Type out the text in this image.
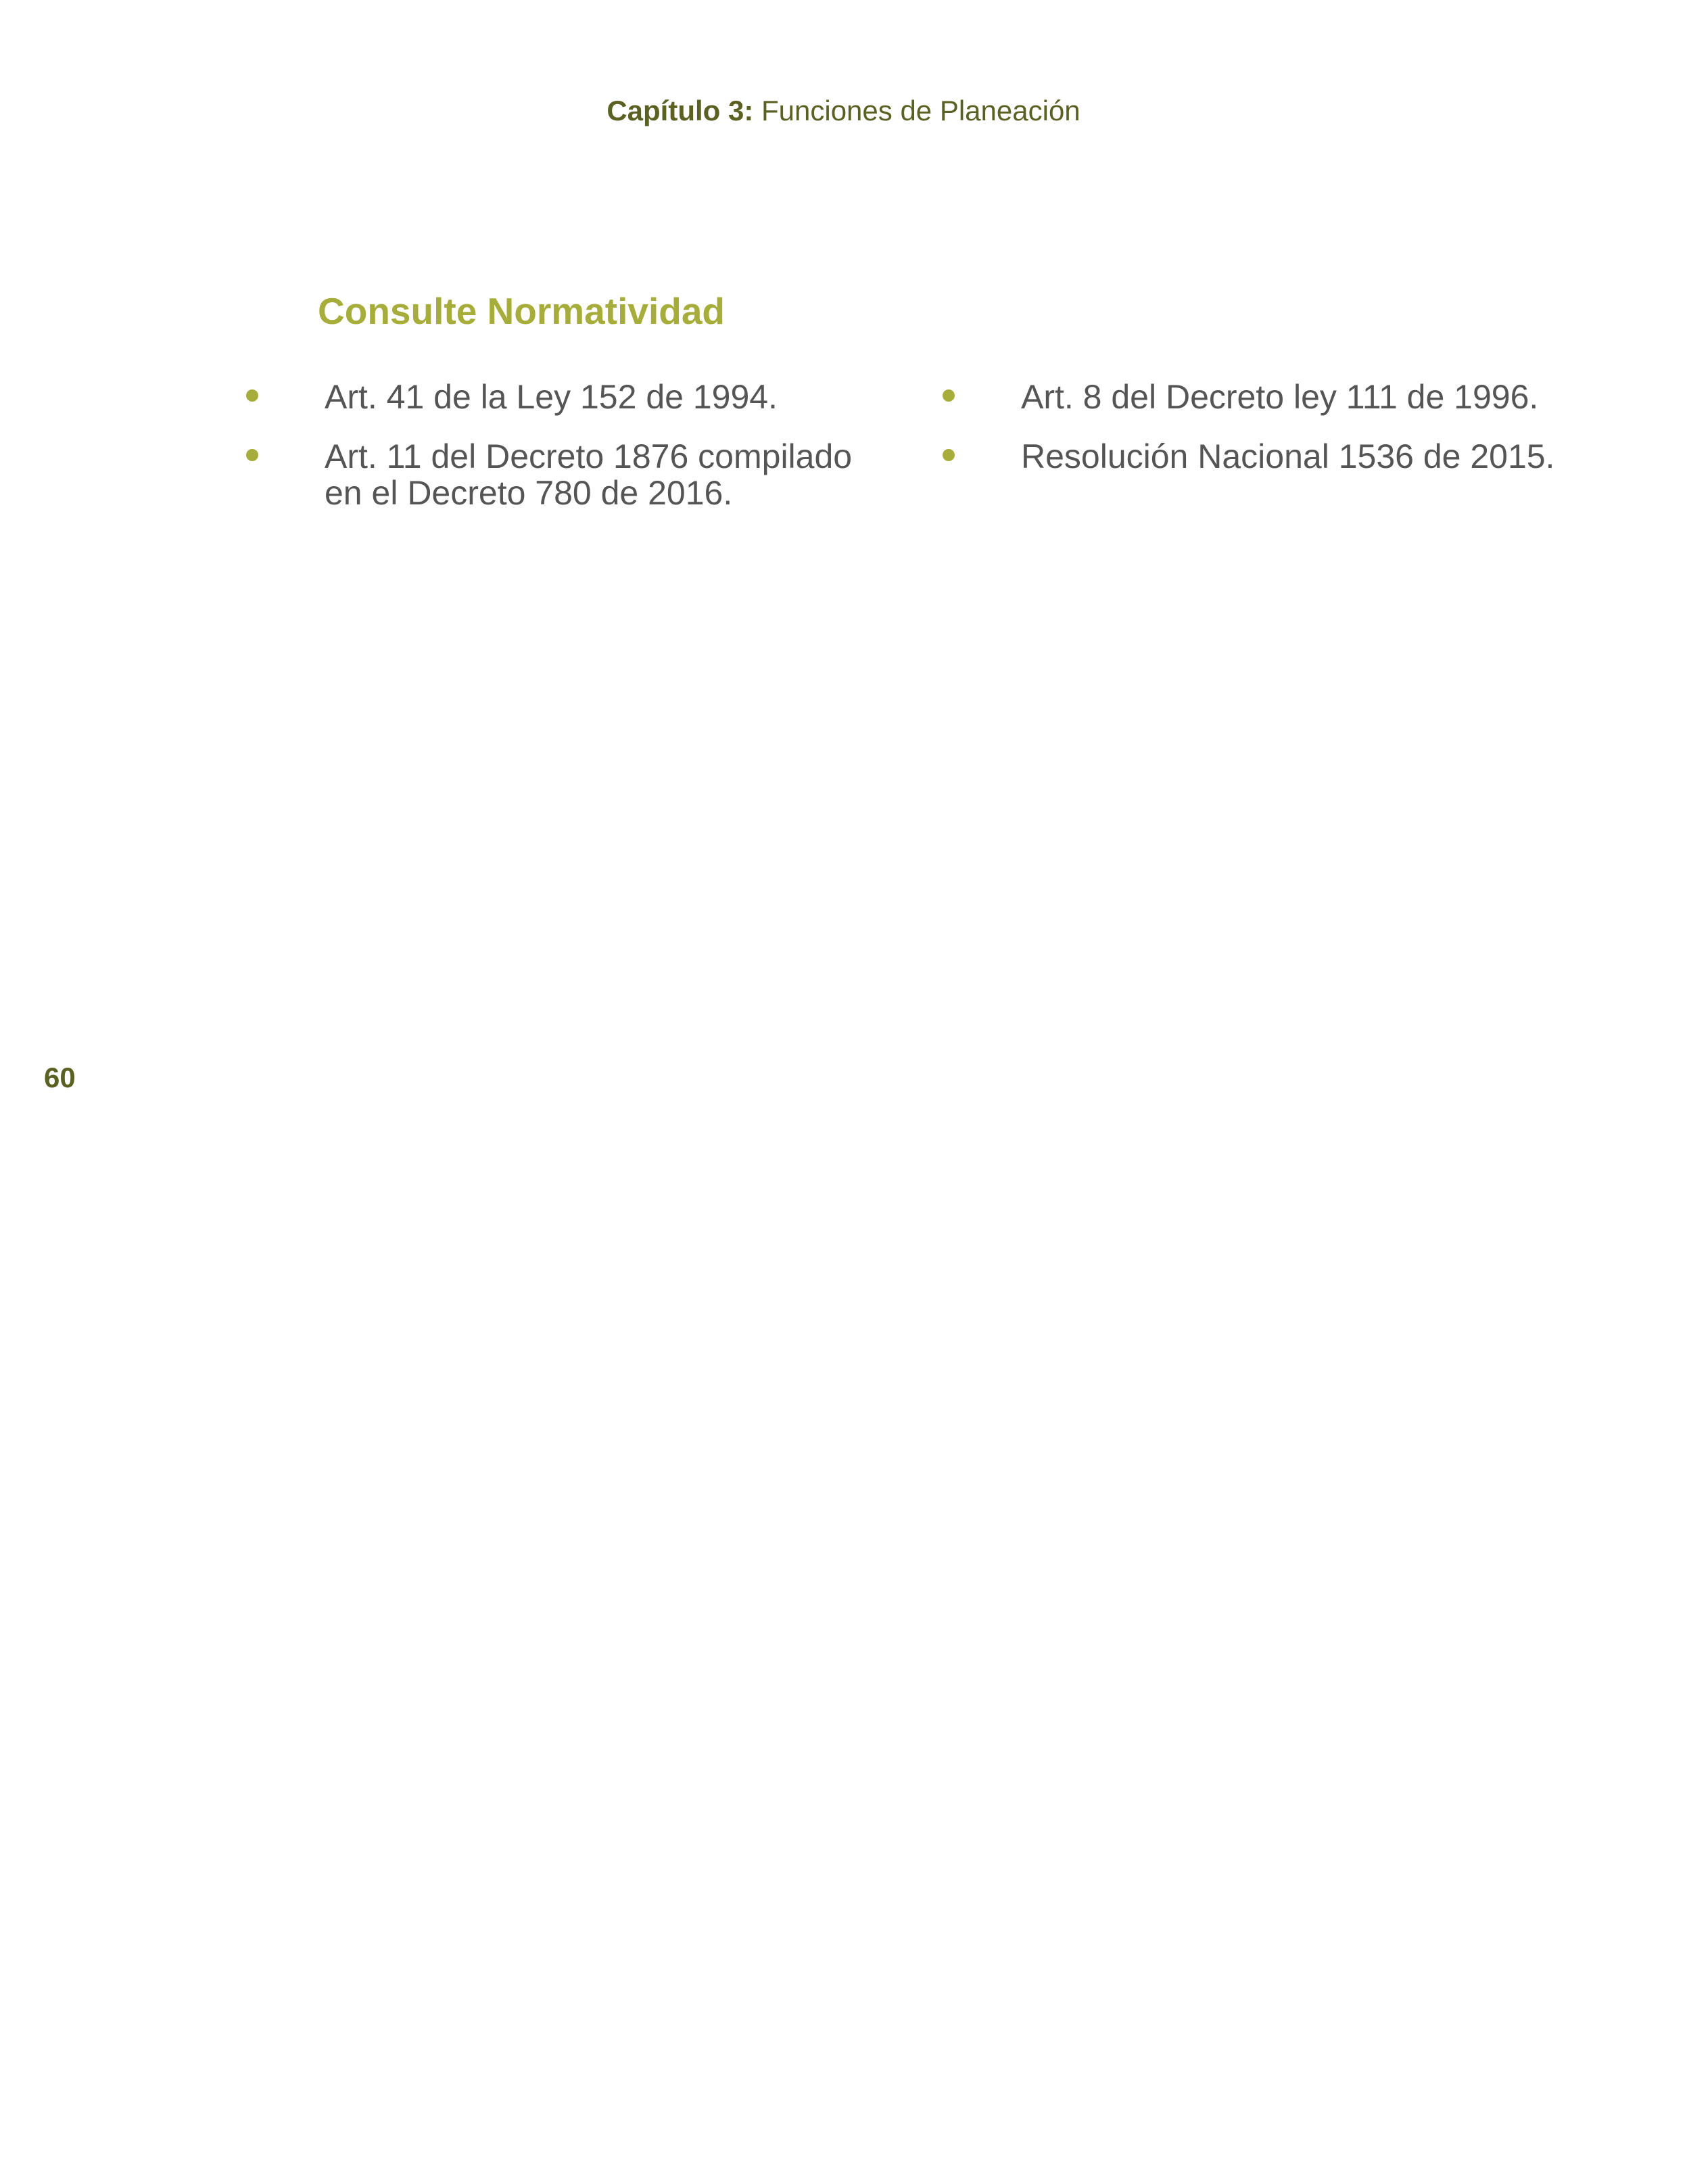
Capítulo 3: Funciones de Planeación
Consulte Normatividad
Art. 41 de la Ley 152 de 1994.
Art. 11 del Decreto 1876 compilado en el Decreto 780 de 2016.
Art. 8 del Decreto ley 111 de 1996.
Resolución Nacional 1536 de 2015.
60
